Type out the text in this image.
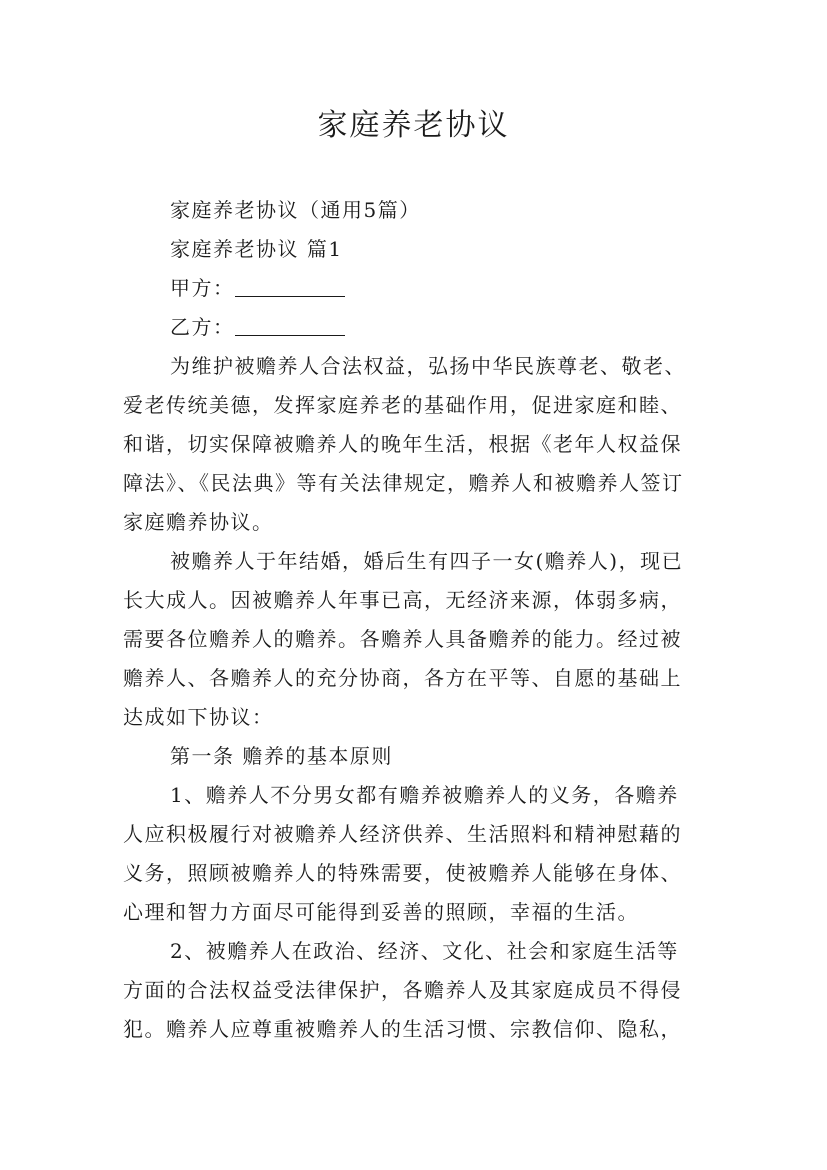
家庭养老协议

家庭养老协议（通用5篇）

家庭养老协议 篇1

甲方：

乙方：

为维护被赡养人合法权益，弘扬中华民族尊老、敬老、

爱老传统美德，发挥家庭养老的基础作用，促进家庭和睦、

和谐，切实保障被赡养人的晚年生活，根据《老年人权益保

障法》、《民法典》等有关法律规定，赡养人和被赡养人签订

家庭赡养协议。

被赡养人于年结婚，婚后生有四子一女(赡养人)，现已

长大成人。因被赡养人年事已高，无经济来源，体弱多病，

需要各位赡养人的赡养。各赡养人具备赡养的能力。经过被

赡养人、各赡养人的充分协商，各方在平等、自愿的基础上

达成如下协议：

第一条 赡养的基本原则

1、赡养人不分男女都有赡养被赡养人的义务，各赡养

人应积极履行对被赡养人经济供养、生活照料和精神慰藉的

义务，照顾被赡养人的特殊需要，使被赡养人能够在身体、

心理和智力方面尽可能得到妥善的照顾，幸福的生活。

2、被赡养人在政治、经济、文化、社会和家庭生活等

方面的合法权益受法律保护，各赡养人及其家庭成员不得侵

犯。赡养人应尊重被赡养人的生活习惯、宗教信仰、隐私，
